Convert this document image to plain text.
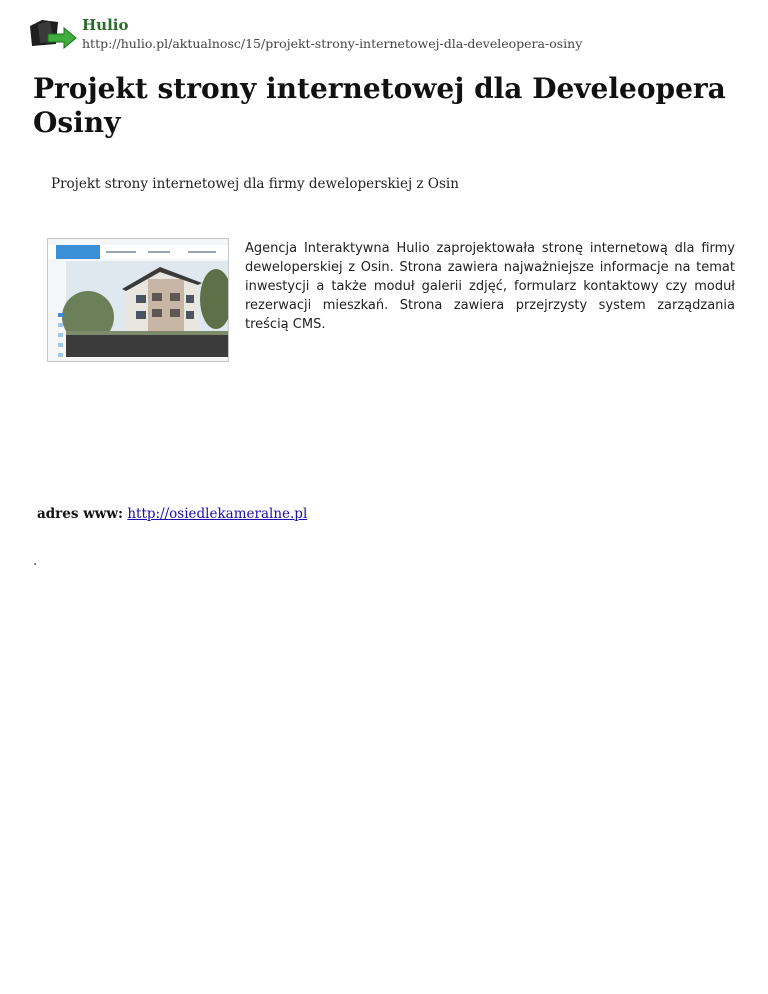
Hulio
http://hulio.pl/aktualnosc/15/projekt-strony-internetowej-dla-develeopera-osiny
Projekt strony internetowej dla Develeopera Osiny
Projekt strony internetowej dla firmy deweloperskiej z Osin
Agencja Interaktywna Hulio zaprojektowała stronę internetową dla firmy deweloperskiej z Osin. Strona zawiera najważniejsze informacje na temat inwestycji a także moduł galerii zdjęć, formularz kontaktowy czy moduł rezerwacji mieszkań. Strona zawiera przejrzysty system zarządzania treścią CMS.
adres www: http://osiedlekameralne.pl
.
